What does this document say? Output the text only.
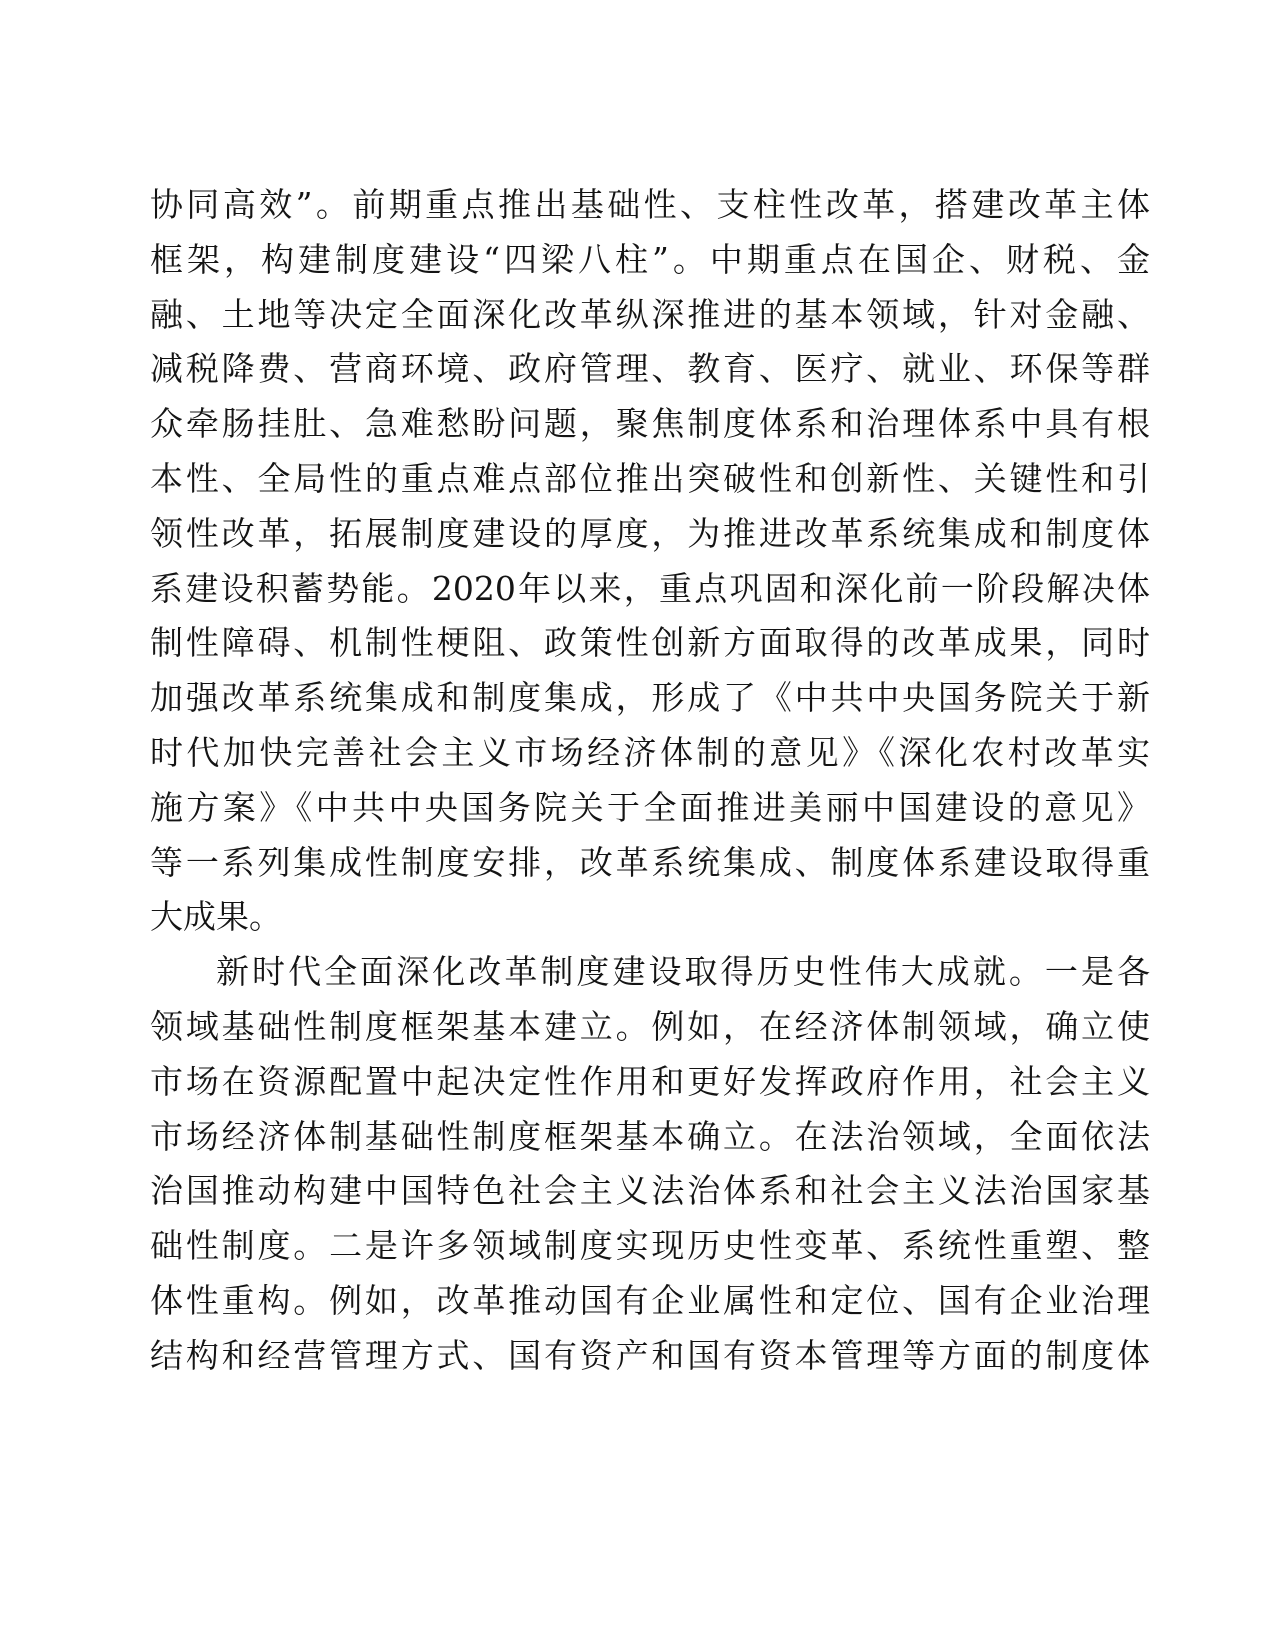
协同高效”。前期重点推出基础性、支柱性改革，搭建改革主体
框架，构建制度建设“四梁八柱”。中期重点在国企、财税、金
融、土地等决定全面深化改革纵深推进的基本领域，针对金融、
减税降费、营商环境、政府管理、教育、医疗、就业、环保等群
众牵肠挂肚、急难愁盼问题，聚焦制度体系和治理体系中具有根
本性、全局性的重点难点部位推出突破性和创新性、关键性和引
领性改革，拓展制度建设的厚度，为推进改革系统集成和制度体
系建设积蓄势能。2020年以来，重点巩固和深化前一阶段解决体
制性障碍、机制性梗阻、政策性创新方面取得的改革成果，同时
加强改革系统集成和制度集成，形成了《中共中央国务院关于新
时代加快完善社会主义市场经济体制的意见》《深化农村改革实
施方案》《中共中央国务院关于全面推进美丽中国建设的意见》
等一系列集成性制度安排，改革系统集成、制度体系建设取得重
大成果。
新时代全面深化改革制度建设取得历史性伟大成就。一是各
领域基础性制度框架基本建立。例如，在经济体制领域，确立使
市场在资源配置中起决定性作用和更好发挥政府作用，社会主义
市场经济体制基础性制度框架基本确立。在法治领域，全面依法
治国推动构建中国特色社会主义法治体系和社会主义法治国家基
础性制度。二是许多领域制度实现历史性变革、系统性重塑、整
体性重构。例如，改革推动国有企业属性和定位、国有企业治理
结构和经营管理方式、国有资产和国有资本管理等方面的制度体
